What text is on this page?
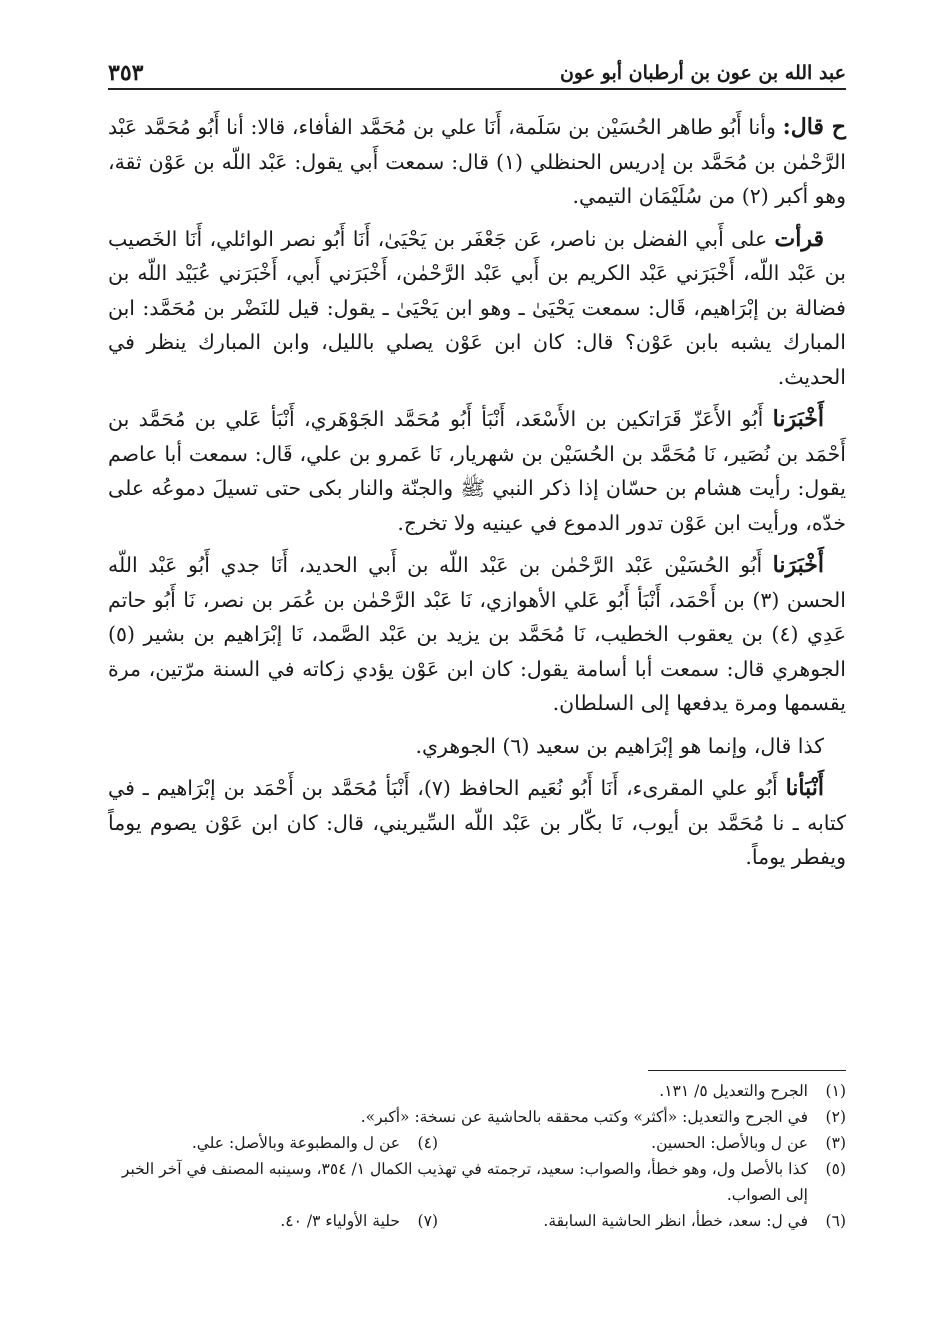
عبد الله بن عون بن أرطبان أبو عون
٣٥٣

ح قال: وأنا أَبُو طاهر الحُسَيْن بن سَلَمة، أَنَا علي بن مُحَمَّد الفأفاء، قالا: أنا أَبُو مُحَمَّد عَبْد الرَّحْمٰن بن مُحَمَّد بن إدريس الحنظلي (١) قال: سمعت أَبي يقول: عَبْد اللّه بن عَوْن ثقة، وهو أكبر (٢) من سُلَيْمَان التيمي.

قرأت على أَبي الفضل بن ناصر، عَن جَعْفَر بن يَحْيَىٰ، أَنَا أَبُو نصر الوائلي، أَنَا الخَصيب بن عَبْد اللّه، أَخْبَرَني عَبْد الكريم بن أَبي عَبْد الرَّحْمٰن، أَخْبَرَني أَبي، أَخْبَرَني عُبَيْد اللّه بن فضالة بن إبْرَاهيم، قَال: سمعت يَحْيَىٰ ـ وهو ابن يَحْيَىٰ ـ يقول: قيل للنَضْر بن مُحَمَّد: ابن المبارك يشبه بابن عَوْن؟ قال: كان ابن عَوْن يصلي بالليل، وابن المبارك ينظر في الحديث.

أَخْبَرَنا أَبُو الأَعَزّ قَرَاتكين بن الأَسْعَد، أَنْبَأ أَبُو مُحَمَّد الجَوْهَري، أَنْبَأ عَلي بن مُحَمَّد بن أَحْمَد بن نُصَير، نَا مُحَمَّد بن الحُسَيْن بن شهريار، نَا عَمرو بن علي، قَال: سمعت أبا عاصم يقول: رأيت هشام بن حسّان إذا ذكر النبي ﷺ والجنّة والنار بكى حتى تسيلَ دموعُه على خدّه، ورأيت ابن عَوْن تدور الدموع في عينيه ولا تخرج.

أَخْبَرَنا أَبُو الحُسَيْن عَبْد الرَّحْمٰن بن عَبْد اللّه بن أَبي الحديد، أَنَا جدي أَبُو عَبْد اللّه الحسن (٣) بن أَحْمَد، أَنْبَأ أَبُو عَلي الأهوازي، نَا عَبْد الرَّحْمٰن بن عُمَر بن نصر، نَا أَبُو حاتم عَدِي (٤) بن يعقوب الخطيب، نَا مُحَمَّد بن يزيد بن عَبْد الصَّمد، نَا إبْرَاهيم بن بشير (٥) الجوهري قال: سمعت أبا أسامة يقول: كان ابن عَوْن يؤدي زكاته في السنة مرّتين، مرة يقسمها ومرة يدفعها إلى السلطان.

كذا قال، وإنما هو إبْرَاهيم بن سعيد (٦) الجوهري.

أَنْبَأنا أَبُو علي المقرىء، أَنَا أَبُو نُعَيم الحافظ (٧)، أَنْبَأ مُحَمَّد بن أَحْمَد بن إبْرَاهيم ـ في كتابه ـ نا مُحَمَّد بن أيوب، نَا بكّار بن عَبْد اللّه السِّيريني، قال: كان ابن عَوْن يصوم يوماً ويفطر يوماً.

(١)
الجرح والتعديل ٥/ ١٣١.
(٢)
في الجرح والتعديل: «أكثر» وكتب محققه بالحاشية عن نسخة: «أكبر».
(٣)
عن ل وبالأصل: الحسين.
(٤)
عن ل والمطبوعة وبالأصل: علي.
(٥)
كذا بالأصل ول، وهو خطأ، والصواب: سعيد، ترجمته في تهذيب الكمال ١/ ٣٥٤، وسينبه المصنف في آخر الخبر إلى الصواب.
(٦)
في ل: سعد، خطأ، انظر الحاشية السابقة.
(٧)
حلية الأولياء ٣/ ٤٠.
